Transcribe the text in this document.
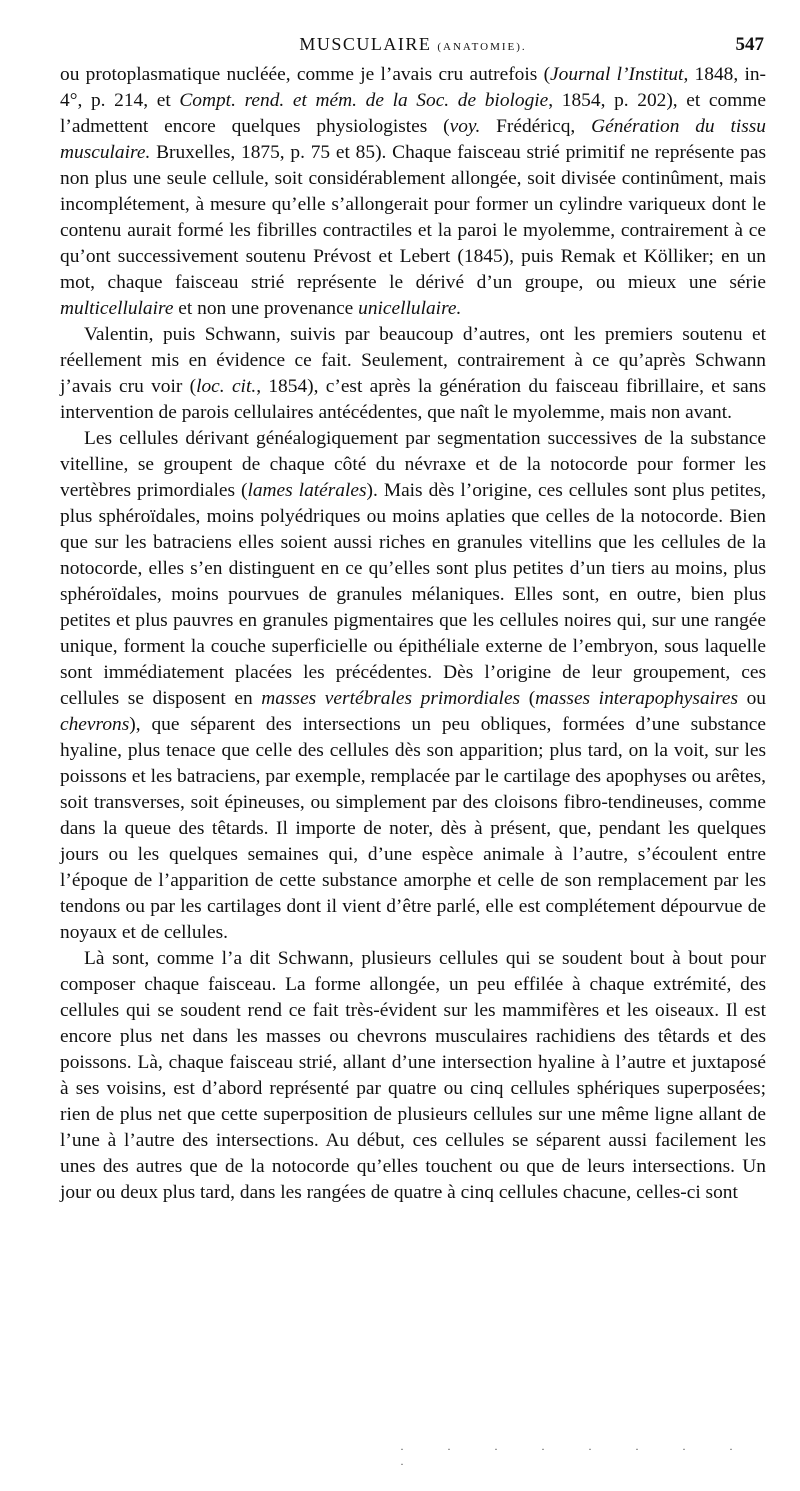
MUSCULAIRE (ANATOMIE).	547

ou protoplasmatique nucléée, comme je l’avais cru autrefois (Journal l’Institut, 1848, in-4°, p. 214, et Compt. rend. et mém. de la Soc. de biologie, 1854, p. 202), et comme l’admettent encore quelques physiologistes (voy. Frédéricq, Génération du tissu musculaire. Bruxelles, 1875, p. 75 et 85). Chaque faisceau strié primitif ne représente pas non plus une seule cellule, soit considérablement allongée, soit divisée continûment, mais incomplétement, à mesure qu’elle s’allongerait pour former un cylindre variqueux dont le contenu aurait formé les fibrilles contractiles et la paroi le myolemme, contrairement à ce qu’ont successivement soutenu Prévost et Lebert (1845), puis Remak et Kölliker; en un mot, chaque faisceau strié représente le dérivé d’un groupe, ou mieux une série multicellulaire et non une provenance unicellulaire.

Valentin, puis Schwann, suivis par beaucoup d’autres, ont les premiers soutenu et réellement mis en évidence ce fait. Seulement, contrairement à ce qu’après Schwann j’avais cru voir (loc. cit., 1854), c’est après la génération du faisceau fibrillaire, et sans intervention de parois cellulaires antécédentes, que naît le myolemme, mais non avant.

Les cellules dérivant généalogiquement par segmentation successives de la substance vitelline, se groupent de chaque côté du névraxe et de la notocorde pour former les vertèbres primordiales (lames latérales). Mais dès l’origine, ces cellules sont plus petites, plus sphéroïdales, moins polyédriques ou moins aplaties que celles de la notocorde. Bien que sur les batraciens elles soient aussi riches en granules vitellins que les cellules de la notocorde, elles s’en distinguent en ce qu’elles sont plus petites d’un tiers au moins, plus sphéroïdales, moins pourvues de granules mélaniques. Elles sont, en outre, bien plus petites et plus pauvres en granules pigmentaires que les cellules noires qui, sur une rangée unique, forment la couche superficielle ou épithéliale externe de l’embryon, sous laquelle sont immédiatement placées les précédentes. Dès l’origine de leur groupement, ces cellules se disposent en masses vertébrales primordiales (masses interapophysaires ou chevrons), que séparent des intersections un peu obliques, formées d’une substance hyaline, plus tenace que celle des cellules dès son apparition; plus tard, on la voit, sur les poissons et les batraciens, par exemple, remplacée par le cartilage des apophyses ou arêtes, soit transverses, soit épineuses, ou simplement par des cloisons fibro-tendineuses, comme dans la queue des têtards. Il importe de noter, dès à présent, que, pendant les quelques jours ou les quelques semaines qui, d’une espèce animale à l’autre, s’écoulent entre l’époque de l’apparition de cette substance amorphe et celle de son remplacement par les tendons ou par les cartilages dont il vient d’être parlé, elle est complétement dépourvue de noyaux et de cellules.

Là sont, comme l’a dit Schwann, plusieurs cellules qui se soudent bout à bout pour composer chaque faisceau. La forme allongée, un peu effilée à chaque extrémité, des cellules qui se soudent rend ce fait très-évident sur les mammifères et les oiseaux. Il est encore plus net dans les masses ou chevrons musculaires rachidiens des têtards et des poissons. Là, chaque faisceau strié, allant d’une intersection hyaline à l’autre et juxtaposé à ses voisins, est d’abord représenté par quatre ou cinq cellules sphériques superposées; rien de plus net que cette superposition de plusieurs cellules sur une même ligne allant de l’une à l’autre des intersections. Au début, ces cellules se séparent aussi facilement les unes des autres que de la notocorde qu’elles touchent ou que de leurs intersections. Un jour ou deux plus tard, dans les rangées de quatre à cinq cellules chacune, celles-ci sont

· · · · · · · · ·
